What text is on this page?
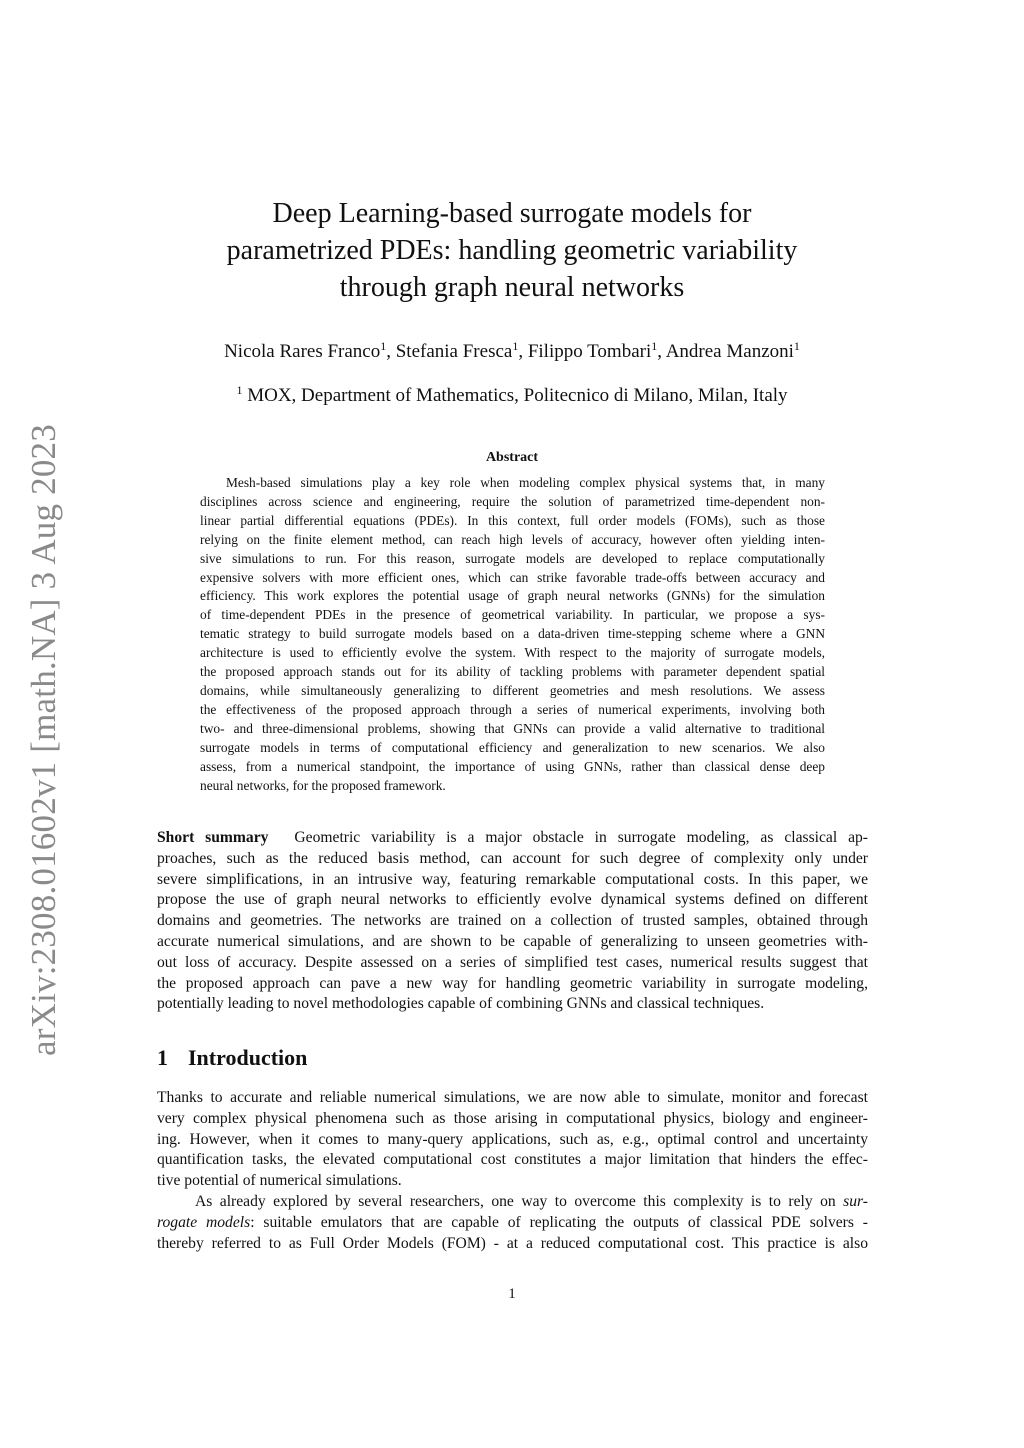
arXiv:2308.01602v1 [math.NA] 3 Aug 2023
Deep Learning-based surrogate models for
parametrized PDEs: handling geometric variability
through graph neural networks
Nicola Rares Franco$^1$, Stefania Fresca$^1$, Filippo Tombari$^1$, Andrea Manzoni$^1$
$^1$ MOX, Department of Mathematics, Politecnico di Milano, Milan, Italy
Abstract
Mesh-based simulations play a key role when modeling complex physical systems that, in many
disciplines across science and engineering, require the solution of parametrized time-dependent non-
linear partial differential equations (PDEs). In this context, full order models (FOMs), such as those
relying on the finite element method, can reach high levels of accuracy, however often yielding inten-
sive simulations to run. For this reason, surrogate models are developed to replace computationally
expensive solvers with more efficient ones, which can strike favorable trade-offs between accuracy and
efficiency. This work explores the potential usage of graph neural networks (GNNs) for the simulation
of time-dependent PDEs in the presence of geometrical variability. In particular, we propose a sys-
tematic strategy to build surrogate models based on a data-driven time-stepping scheme where a GNN
architecture is used to efficiently evolve the system. With respect to the majority of surrogate models,
the proposed approach stands out for its ability of tackling problems with parameter dependent spatial
domains, while simultaneously generalizing to different geometries and mesh resolutions. We assess
the effectiveness of the proposed approach through a series of numerical experiments, involving both
two- and three-dimensional problems, showing that GNNs can provide a valid alternative to traditional
surrogate models in terms of computational efficiency and generalization to new scenarios. We also
assess, from a numerical standpoint, the importance of using GNNs, rather than classical dense deep
neural networks, for the proposed framework.
Short summary Geometric variability is a major obstacle in surrogate modeling, as classical ap-
proaches, such as the reduced basis method, can account for such degree of complexity only under
severe simplifications, in an intrusive way, featuring remarkable computational costs. In this paper, we
propose the use of graph neural networks to efficiently evolve dynamical systems defined on different
domains and geometries. The networks are trained on a collection of trusted samples, obtained through
accurate numerical simulations, and are shown to be capable of generalizing to unseen geometries with-
out loss of accuracy. Despite assessed on a series of simplified test cases, numerical results suggest that
the proposed approach can pave a new way for handling geometric variability in surrogate modeling,
potentially leading to novel methodologies capable of combining GNNs and classical techniques.
1 Introduction
Thanks to accurate and reliable numerical simulations, we are now able to simulate, monitor and forecast
very complex physical phenomena such as those arising in computational physics, biology and engineer-
ing. However, when it comes to many-query applications, such as, e.g., optimal control and uncertainty
quantification tasks, the elevated computational cost constitutes a major limitation that hinders the effec-
tive potential of numerical simulations.
As already explored by several researchers, one way to overcome this complexity is to rely on sur-
rogate models: suitable emulators that are capable of replicating the outputs of classical PDE solvers -
thereby referred to as Full Order Models (FOM) - at a reduced computational cost. This practice is also
1
